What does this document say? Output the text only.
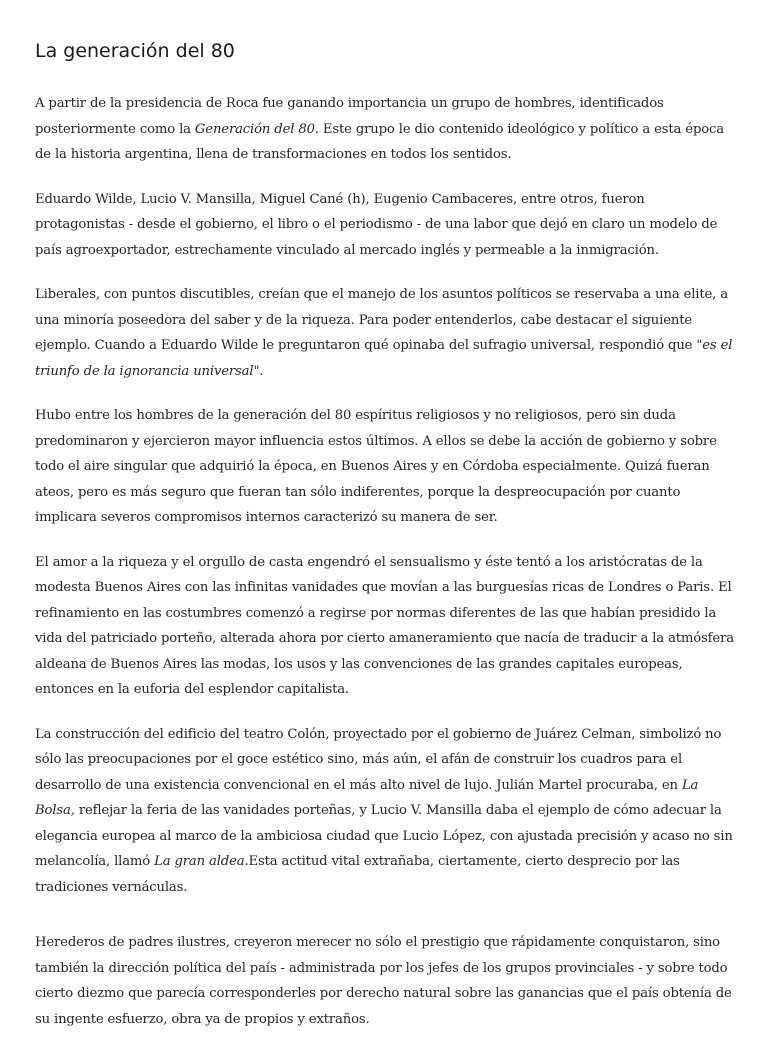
La generación del 80

A partir de la presidencia de Roca fue ganando importancia un grupo de hombres, identificados posteriormente como la Generación del 80. Este grupo le dio contenido ideológico y político a esta época de la historia argentina, llena de transformaciones en todos los sentidos.

Eduardo Wilde, Lucio V. Mansilla, Miguel Cané (h), Eugenio Cambaceres, entre otros, fueron protagonistas - desde el gobierno, el libro o el periodismo - de una labor que dejó en claro un modelo de país agroexportador, estrechamente vinculado al mercado inglés y permeable a la inmigración.

Liberales, con puntos discutibles, creían que el manejo de los asuntos políticos se reservaba a una elite, a una minoría poseedora del saber y de la riqueza. Para poder entenderlos, cabe destacar el siguiente ejemplo. Cuando a Eduardo Wilde le preguntaron qué opinaba del sufragio universal, respondió que "es el triunfo de la ignorancia universal".

Hubo entre los hombres de la generación del 80 espíritus religiosos y no religiosos, pero sin duda predominaron y ejercieron mayor influencia estos últimos. A ellos se debe la acción de gobierno y sobre todo el aire singular que adquirió la época, en Buenos Aires y en Córdoba especialmente. Quizá fueran ateos, pero es más seguro que fueran tan sólo indiferentes, porque la despreocupación por cuanto implicara severos compromisos internos caracterizó su manera de ser.

El amor a la riqueza y el orgullo de casta engendró el sensualismo y éste tentó a los aristócratas de la modesta Buenos Aires con las infinitas vanidades que movían a las burguesías ricas de Londres o Paris. El refinamiento en las costumbres comenzó a regirse por normas diferentes de las que habían presidido la vida del patriciado porteño, alterada ahora por cierto amaneramiento que nacía de traducir a la atmósfera aldeana de Buenos Aires las modas, los usos y las convenciones de las grandes capitales europeas, entonces en la euforia del esplendor capitalista.

La construcción del edificio del teatro Colón, proyectado por el gobierno de Juárez Celman, simbolizó no sólo las preocupaciones por el goce estético sino, más aún, el afán de construir los cuadros para el desarrollo de una existencia convencional en el más alto nivel de lujo. Julián Martel procuraba, en La Bolsa, reflejar la feria de las vanidades porteñas, y Lucio V. Mansilla daba el ejemplo de cómo adecuar la elegancia europea al marco de la ambiciosa ciudad que Lucio López, con ajustada precisión y acaso no sin melancolía, llamó La gran aldea.Esta actitud vital extrañaba, ciertamente, cierto desprecio por las tradiciones vernáculas.

Herederos de padres ilustres, creyeron merecer no sólo el prestigio que rápidamente conquistaron, sino también la dirección política del país - administrada por los jefes de los grupos provinciales - y sobre todo cierto diezmo que parecía corresponderles por derecho natural sobre las ganancias que el país obtenía de su ingente esfuerzo, obra ya de propios y extraños.
